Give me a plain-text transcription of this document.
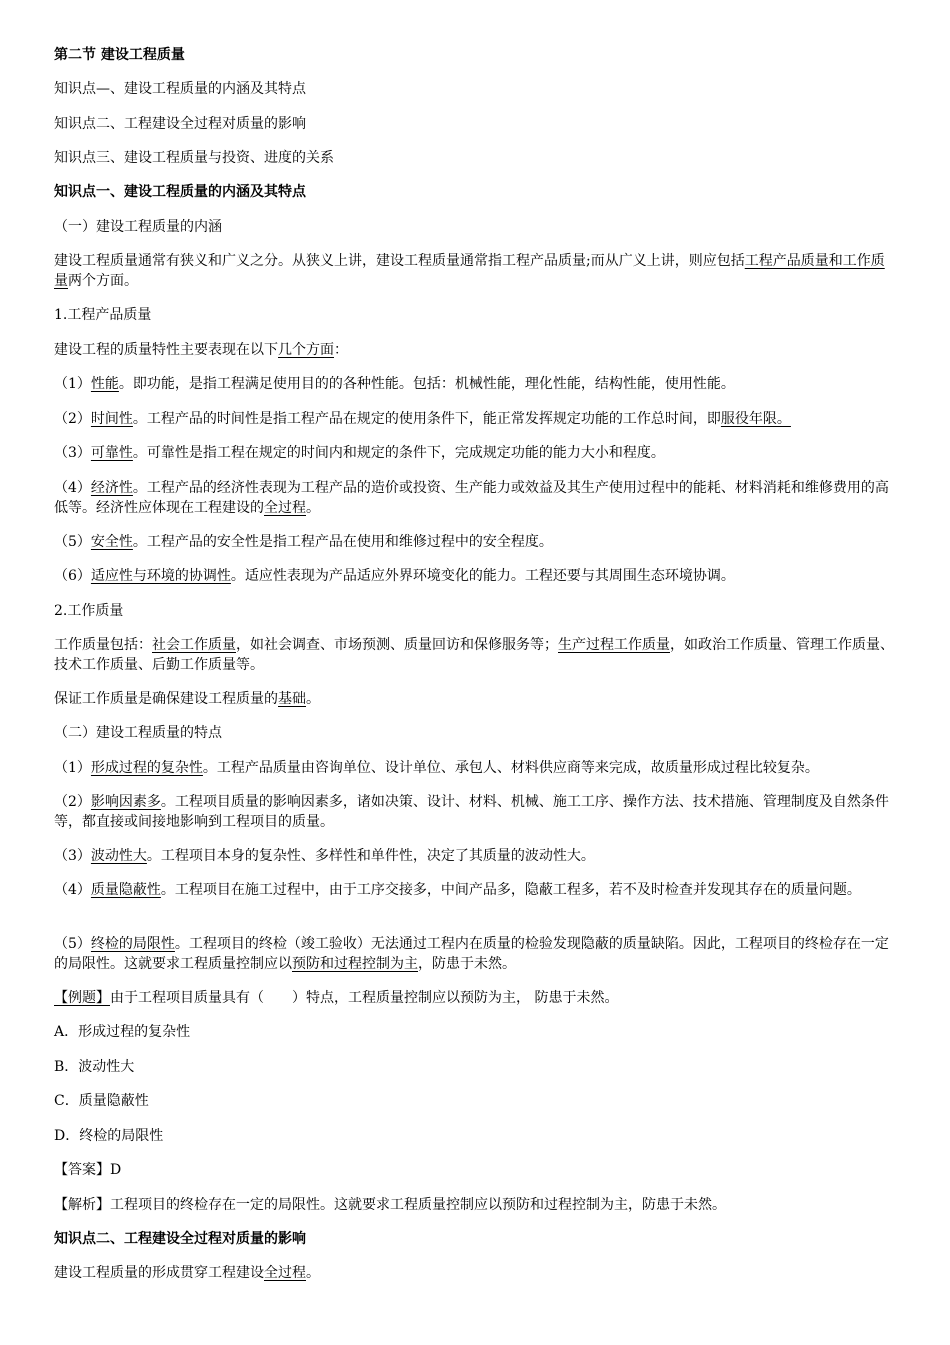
第二节 建设工程质量

知识点—、建设工程质量的内涵及其特点

知识点二、工程建设全过程对质量的影响

知识点三、建设工程质量与投资、进度的关系

知识点一、建设工程质量的内涵及其特点

（一）建设工程质量的内涵

建设工程质量通常有狭义和广义之分。从狭义上讲，建设工程质量通常指工程产品质量;而从广义上讲，则应包括工程产品质量和工作质量两个方面。

1.工程产品质量

建设工程的质量特性主要表现在以下几个方面：

（1）性能。即功能，是指工程满足使用目的的各种性能。包括：机械性能，理化性能，结构性能，使用性能。

（2）时间性。工程产品的时间性是指工程产品在规定的使用条件下，能正常发挥规定功能的工作总时间，即服役年限。

（3）可靠性。可靠性是指工程在规定的时间内和规定的条件下，完成规定功能的能力大小和程度。

（4）经济性。工程产品的经济性表现为工程产品的造价或投资、生产能力或效益及其生产使用过程中的能耗、材料消耗和维修费用的高低等。经济性应体现在工程建设的全过程。

（5）安全性。工程产品的安全性是指工程产品在使用和维修过程中的安全程度。

（6）适应性与环境的协调性。适应性表现为产品适应外界环境变化的能力。工程还要与其周围生态环境协调。

2.工作质量

工作质量包括：社会工作质量，如社会调查、市场预测、质量回访和保修服务等；生产过程工作质量，如政治工作质量、管理工作质量、技术工作质量、后勤工作质量等。

保证工作质量是确保建设工程质量的基础。

（二）建设工程质量的特点

（1）形成过程的复杂性。工程产品质量由咨询单位、设计单位、承包人、材料供应商等来完成，故质量形成过程比较复杂。

（2）影响因素多。工程项目质量的影响因素多，诸如决策、设计、材料、机械、施工工序、操作方法、技术措施、管理制度及自然条件等，都直接或间接地影响到工程项目的质量。

（3）波动性大。工程项目本身的复杂性、多样性和单件性，决定了其质量的波动性大。

（4）质量隐蔽性。工程项目在施工过程中，由于工序交接多，中间产品多，隐蔽工程多，若不及时检查并发现其存在的质量问题。

（5）终检的局限性。工程项目的终检（竣工验收）无法通过工程内在质量的检验发现隐蔽的质量缺陷。因此，工程项目的终检存在一定的局限性。这就要求工程质量控制应以预防和过程控制为主，防患于未然。

【例题】由于工程项目质量具有（　　）特点，工程质量控制应以预防为主， 防患于未然。

A．形成过程的复杂性

B．波动性大

C．质量隐蔽性

D．终检的局限性

【答案】D

【解析】工程项目的终检存在一定的局限性。这就要求工程质量控制应以预防和过程控制为主，防患于未然。

知识点二、工程建设全过程对质量的影响

建设工程质量的形成贯穿工程建设全过程。
